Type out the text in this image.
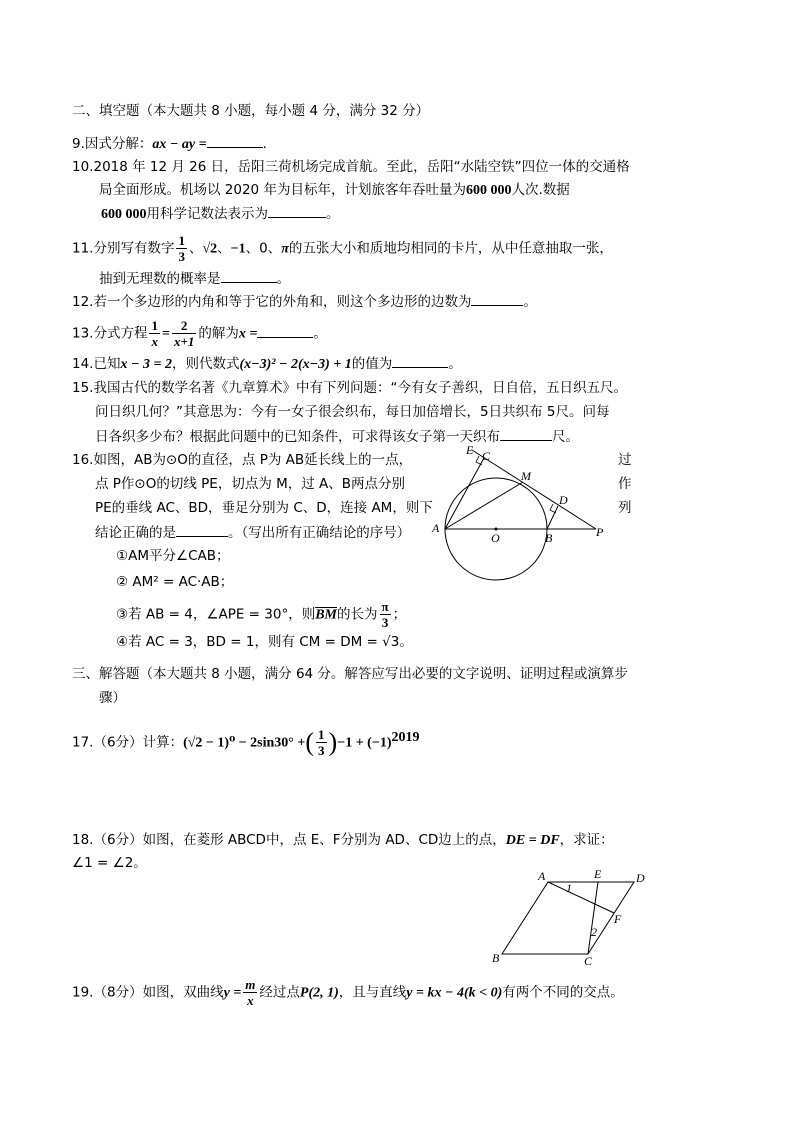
二、填空题（本大题共 8 小题，每小题 4 分，满分 32 分）
9.因式分解：ax − ay =	.
10.2018 年 12 月 26 日，岳阳三荷机场完成首航。至此，岳阳“水陆空铁”四位一体的交通格
局全面形成。机场以 2020 年为目标年，计划旅客年吞吐量为600 000人次.数据
600 000用科学记数法表示为	。
11.分别写有数字 $\frac{1}{3}$ 、√2、−1、0、π的五张大小和质地均相同的卡片，从中任意抽取一张，
抽到无理数的概率是	。
12.若一个多边形的内角和等于它的外角和，则这个多边形的边数为	。
13.分式方程 $\frac{1}{x} = \frac{2}{x+1}$ 的解为x =	。
14.已知x − 3 = 2，则代数式(x−3)² − 2(x−3) + 1的值为	。
15.我国古代的数学名著《九章算术》中有下列问题：“今有女子善织，日自倍，五日织五尺。
问日织几何？”其意思为：今有一女子很会织布，每日加倍增长，5日共织布 5尺。问每
日各织多少布？根据此问题中的已知条件，可求得该女子第一天织布	尺。
16.如图，AB为⊙O的直径，点 P为 AB延长线上的一点，	过
点 P作⊙O的切线 PE，切点为 M，过 A、B两点分别	作
PE的垂线 AC、BD，垂足分别为 C、D，连接 AM，则下	列
结论正确的是	。（写出所有正确结论的序号）
①AM平分∠CAB；
② AM² = AC·AB；
③若 AB = 4，∠APE = 30°，则$\overline{BM}$的长为 $\frac{\pi}{3}$ ；
④若 AC = 3，BD = 1，则有 CM = DM = √3。
E C
M
D
A
O	B	P
三、解答题（本大题共 8 小题，满分 64 分。解答应写出必要的文字说明、证明过程或演算步
骤）
17.（6分）计算：(√2 − 1)⁰ − 2sin30° +( $\frac{1}{3} )-1 + (-1)^{2019}$
18.（6分）如图，在菱形 ABCD中，点 E、F分别为 AD、CD边上的点，DE = DF，求证：
∠1 = ∠2。
A	E	D
1
F
2
B	C
19.（8分）如图，双曲线$y = \frac{m}{x}$ 经过点P(2, 1)，且与直线y = kx − 4(k < 0)有两个不同的交点。
